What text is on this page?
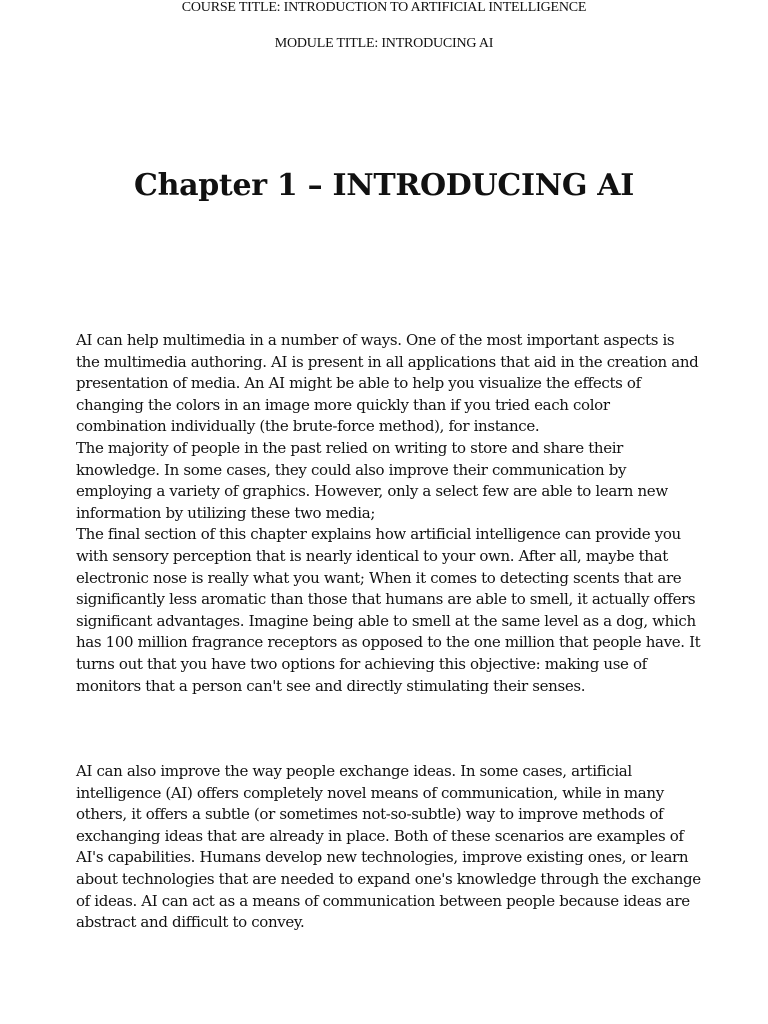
COURSE TITLE: INTRODUCTION TO ARTIFICIAL INTELLIGENCE
MODULE TITLE: INTRODUCING AI
Chapter 1 – INTRODUCING AI

AI can help multimedia in a number of ways. One of the most important aspects is the multimedia authoring. AI is present in all applications that aid in the creation and presentation of media. An AI might be able to help you visualize the effects of changing the colors in an image more quickly than if you tried each color combination individually (the brute-force method), for instance.

The majority of people in the past relied on writing to store and share their knowledge. In some cases, they could also improve their communication by employing a variety of graphics. However, only a select few are able to learn new information by utilizing these two media;

The final section of this chapter explains how artificial intelligence can provide you with sensory perception that is nearly identical to your own. After all, maybe that electronic nose is really what you want; When it comes to detecting scents that are significantly less aromatic than those that humans are able to smell, it actually offers significant advantages. Imagine being able to smell at the same level as a dog, which has 100 million fragrance receptors as opposed to the one million that people have. It turns out that you have two options for achieving this objective: making use of monitors that a person can't see and directly stimulating their senses.

AI can also improve the way people exchange ideas. In some cases, artificial intelligence (AI) offers completely novel means of communication, while in many others, it offers a subtle (or sometimes not-so-subtle) way to improve methods of exchanging ideas that are already in place. Both of these scenarios are examples of AI's capabilities. Humans develop new technologies, improve existing ones, or learn about technologies that are needed to expand one's knowledge through the exchange of ideas. AI can act as a means of communication between people because ideas are abstract and difficult to convey.
